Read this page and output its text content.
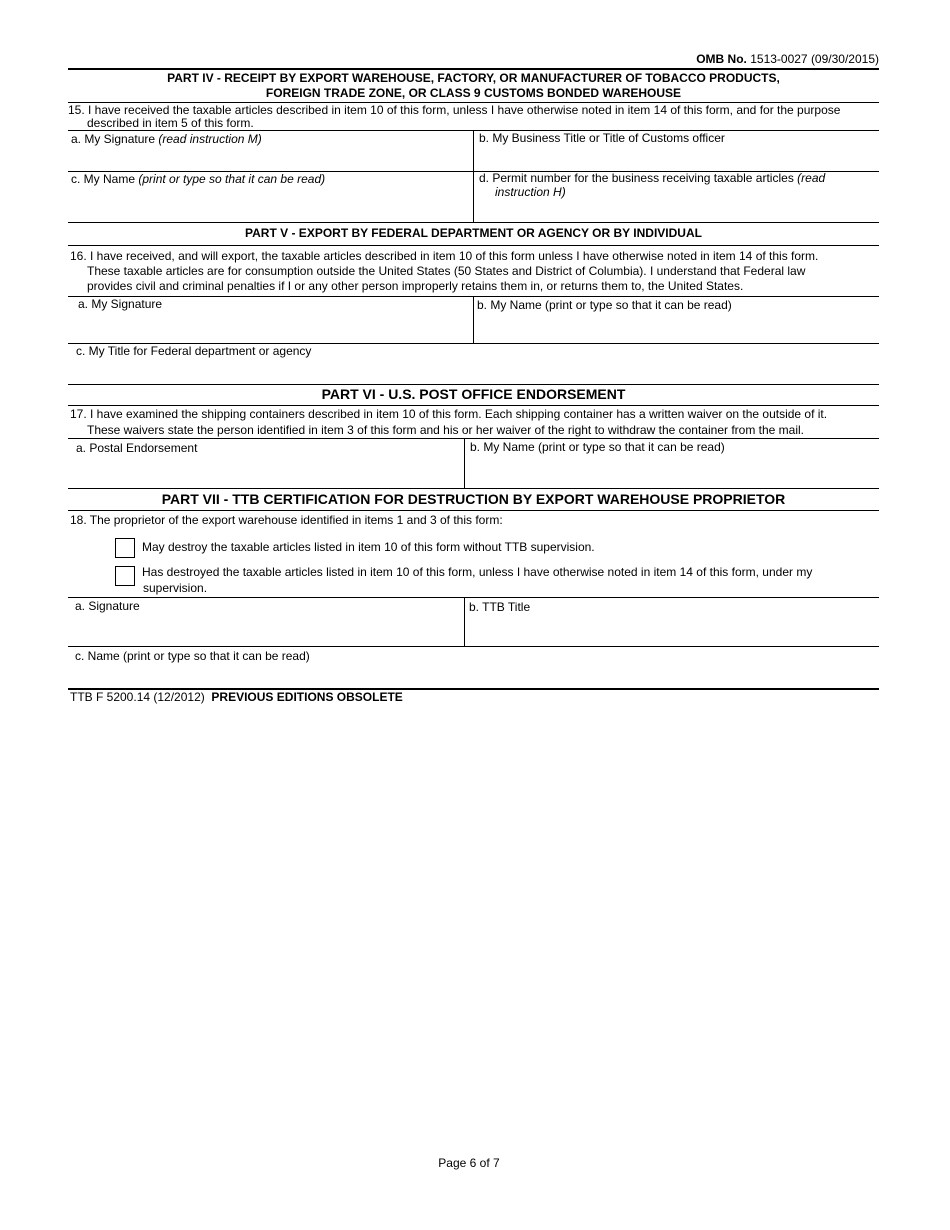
OMB No. 1513-0027 (09/30/2015)
PART IV - RECEIPT BY EXPORT WAREHOUSE, FACTORY, OR MANUFACTURER OF TOBACCO PRODUCTS,
FOREIGN TRADE ZONE, OR CLASS 9 CUSTOMS BONDED WAREHOUSE
15. I have received the taxable articles described in item 10 of this form, unless I have otherwise noted in item 14 of this form, and for the purpose
described in item 5 of this form.
a. My Signature (read instruction M)	b. My Business Title or Title of Customs officer
c. My Name (print or type so that it can be read)	d. Permit number for the business receiving taxable articles (read
instruction H)
PART V - EXPORT BY FEDERAL DEPARTMENT OR AGENCY OR BY INDIVIDUAL
16. I have received, and will export, the taxable articles described in item 10 of this form unless I have otherwise noted in item 14 of this form.
These taxable articles are for consumption outside the United States (50 States and District of Columbia). I understand that Federal law
provides civil and criminal penalties if I or any other person improperly retains them in, or returns them to, the United States.
a. My Signature	b. My Name (print or type so that it can be read)
c. My Title for Federal department or agency
PART VI - U.S. POST OFFICE ENDORSEMENT
17. I have examined the shipping containers described in item 10 of this form. Each shipping container has a written waiver on the outside of it.
These waivers state the person identified in item 3 of this form and his or her waiver of the right to withdraw the container from the mail.
a. Postal Endorsement	b. My Name (print or type so that it can be read)
PART VII - TTB CERTIFICATION FOR DESTRUCTION BY EXPORT WAREHOUSE PROPRIETOR
18. The proprietor of the export warehouse identified in items 1 and 3 of this form:
May destroy the taxable articles listed in item 10 of this form without TTB supervision.
Has destroyed the taxable articles listed in item 10 of this form, unless I have otherwise noted in item 14 of this form, under my
supervision.
a. Signature	b. TTB Title
c. Name (print or type so that it can be read)
TTB F 5200.14 (12/2012) PREVIOUS EDITIONS OBSOLETE
Page 6 of 7
